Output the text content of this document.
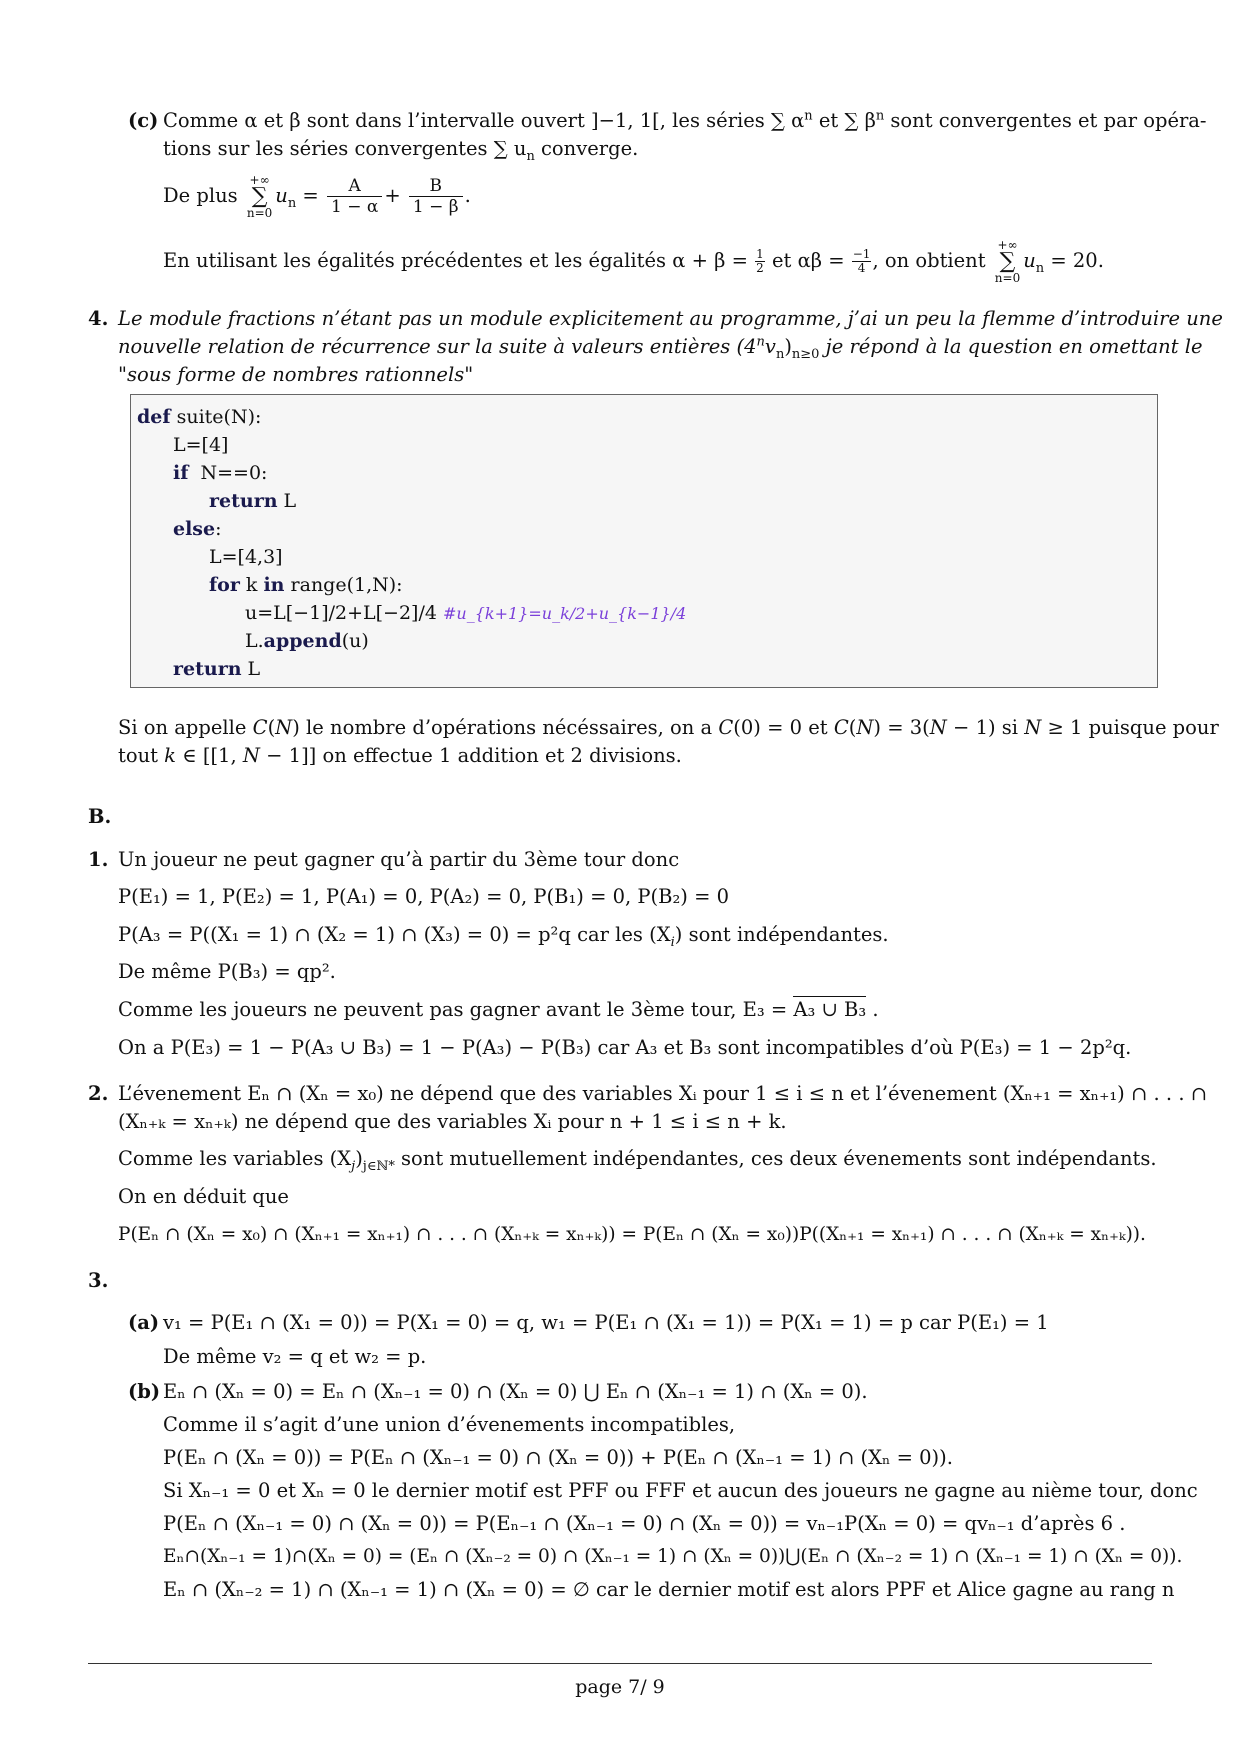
(c) Comme α et β sont dans l’intervalle ouvert ]−1, 1[, les séries ∑ $\alpha^n$ et ∑ $\beta^n$ sont convergentes et par opéra-
tions sur les séries convergentes ∑ $u_n$ converge.
De plus
+∞
∑
n=0
$u_n = \frac{A}{1 - \alpha} + \frac{B}{1 - \beta}$ .
En utilisant les égalités précédentes et les égalités $\alpha + \beta = \frac{1}{2}$ et $\alpha\beta = \frac{-1}{4}$ , on obtient
+∞
∑
n=0
$u_n = 20$.
4. Le module fractions n’étant pas un module explicitement au programme, j’ai un peu la flemme d’introduire une
nouvelle relation de récurrence sur la suite à valeurs entières $(4^nv_n)_{n\ge 0}$ je répond à la question en omettant le
"sous forme de nombres rationnels"
def suite(N):
L=[4]
if  N==0:
return L
else:
L=[4,3]
for k in range(1,N):
u=L[−1]/2+L[−2]/4 #u_{k+1}=u_k/2+u_{k−1}/4
L.append(u)
return L
Si on appelle C(N) le nombre d’opérations nécéssaires, on a C(0) = 0 et C(N) = 3(N − 1) si N ≥ 1 puisque pour
tout k ∈ [[1, N − 1]] on effectue 1 addition et 2 divisions.
B.
1. Un joueur ne peut gagner qu’à partir du 3ème tour donc
P(E₁) = 1, P(E₂) = 1, P(A₁) = 0, P(A₂) = 0, P(B₁) = 0, P(B₂) = 0
P(A₃ = P((X₁ = 1) ∩ (X₂ = 1) ∩ (X₃) = 0) = p²q car les $(X_i)$ sont indépendantes.
De même P(B₃) = qp².
Comme les joueurs ne peuvent pas gagner avant le 3ème tour, E₃ = A₃ ∪ B₃ .
On a P(E₃) = 1 − P(A₃ ∪ B₃) = 1 − P(A₃) − P(B₃) car A₃ et B₃ sont incompatibles d’où P(E₃) = 1 − 2p²q.
2. L’évenement Eₙ ∩ (Xₙ = x₀) ne dépend que des variables Xᵢ pour 1 ≤ i ≤ n et l’évenement (Xₙ₊₁ = xₙ₊₁) ∩ . . . ∩
(Xₙ₊ₖ = xₙ₊ₖ) ne dépend que des variables Xᵢ pour n + 1 ≤ i ≤ n + k.
Comme les variables $(X_j)_{j\in ℕ*}$ sont mutuellement indépendantes, ces deux évenements sont indépendants.
On en déduit que
P(Eₙ ∩ (Xₙ = x₀) ∩ (Xₙ₊₁ = xₙ₊₁) ∩ . . . ∩ (Xₙ₊ₖ = xₙ₊ₖ)) = P(Eₙ ∩ (Xₙ = x₀))P((Xₙ₊₁ = xₙ₊₁) ∩ . . . ∩ (Xₙ₊ₖ = xₙ₊ₖ)).
3.
(a) v₁ = P(E₁ ∩ (X₁ = 0)) = P(X₁ = 0) = q, w₁ = P(E₁ ∩ (X₁ = 1)) = P(X₁ = 1) = p car P(E₁) = 1
De même v₂ = q et w₂ = p.
(b) Eₙ ∩ (Xₙ = 0) = Eₙ ∩ (Xₙ₋₁ = 0) ∩ (Xₙ = 0) ⋃ Eₙ ∩ (Xₙ₋₁ = 1) ∩ (Xₙ = 0).
Comme il s’agit d’une union d’évenements incompatibles,
P(Eₙ ∩ (Xₙ = 0)) = P(Eₙ ∩ (Xₙ₋₁ = 0) ∩ (Xₙ = 0)) + P(Eₙ ∩ (Xₙ₋₁ = 1) ∩ (Xₙ = 0)).
Si Xₙ₋₁ = 0 et Xₙ = 0 le dernier motif est PFF ou FFF et aucun des joueurs ne gagne au nième tour, donc
P(Eₙ ∩ (Xₙ₋₁ = 0) ∩ (Xₙ = 0)) = P(Eₙ₋₁ ∩ (Xₙ₋₁ = 0) ∩ (Xₙ = 0)) = vₙ₋₁P(Xₙ = 0) = qvₙ₋₁ d’après 6 .
Eₙ∩(Xₙ₋₁ = 1)∩(Xₙ = 0) = (Eₙ ∩ (Xₙ₋₂ = 0) ∩ (Xₙ₋₁ = 1) ∩ (Xₙ = 0))⋃(Eₙ ∩ (Xₙ₋₂ = 1) ∩ (Xₙ₋₁ = 1) ∩ (Xₙ = 0)).
Eₙ ∩ (Xₙ₋₂ = 1) ∩ (Xₙ₋₁ = 1) ∩ (Xₙ = 0) = ∅ car le dernier motif est alors PPF et Alice gagne au rang n
page 7/ 9
